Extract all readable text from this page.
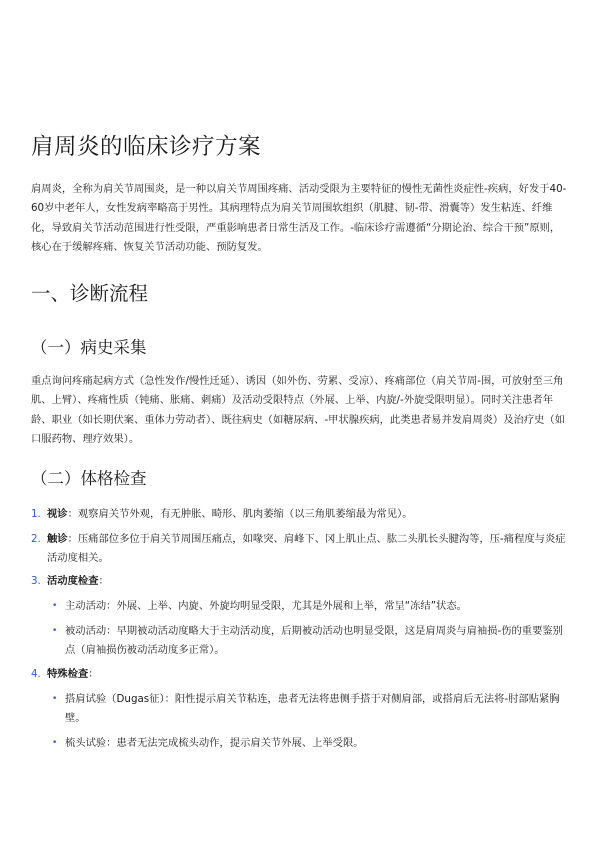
肩周炎的临床诊疗方案

肩周炎，全称为肩关节周围炎，是一种以肩关节周围疼痛、活动受限为主要特征的慢性无菌性炎症性-疾病，好发于40-60岁中老年人，女性发病率略高于男性。其病理特点为肩关节周围软组织（肌腱、韧-带、滑囊等）发生粘连、纤维化，导致肩关节活动范围进行性受限，严重影响患者日常生活及工作。-临床诊疗需遵循“分期论治、综合干预”原则，核心在于缓解疼痛、恢复关节活动功能、预防复发。

一、诊断流程
（一）病史采集

重点询问疼痛起病方式（急性发作/慢性迁延）、诱因（如外伤、劳累、受凉）、疼痛部位（肩关节周-围，可放射至三角肌、上臂）、疼痛性质（钝痛、胀痛、刺痛）及活动受限特点（外展、上举、内旋/-外旋受限明显）。同时关注患者年龄、职业（如长期伏案、重体力劳动者）、既往病史（如糖尿病、-甲状腺疾病，此类患者易并发肩周炎）及治疗史（如口服药物、理疗效果）。

（二）体格检查
1. 视诊：观察肩关节外观，有无肿胀、畸形、肌肉萎缩（以三角肌萎缩最为常见）。
2. 触诊：压痛部位多位于肩关节周围压痛点，如喙突、肩峰下、冈上肌止点、肱二头肌长头腱沟等，压-痛程度与炎症活动度相关。
3. 活动度检查：
• 主动活动：外展、上举、内旋、外旋均明显受限，尤其是外展和上举，常呈“冻结”状态。
• 被动活动：早期被动活动度略大于主动活动度，后期被动活动也明显受限，这是肩周炎与肩袖损-伤的重要鉴别点（肩袖损伤被动活动度多正常）。
4. 特殊检查：
• 搭肩试验（Dugas征）：阳性提示肩关节粘连，患者无法将患侧手搭于对侧肩部，或搭肩后无法将-肘部贴紧胸壁。
• 梳头试验：患者无法完成梳头动作，提示肩关节外展、上举受限。
